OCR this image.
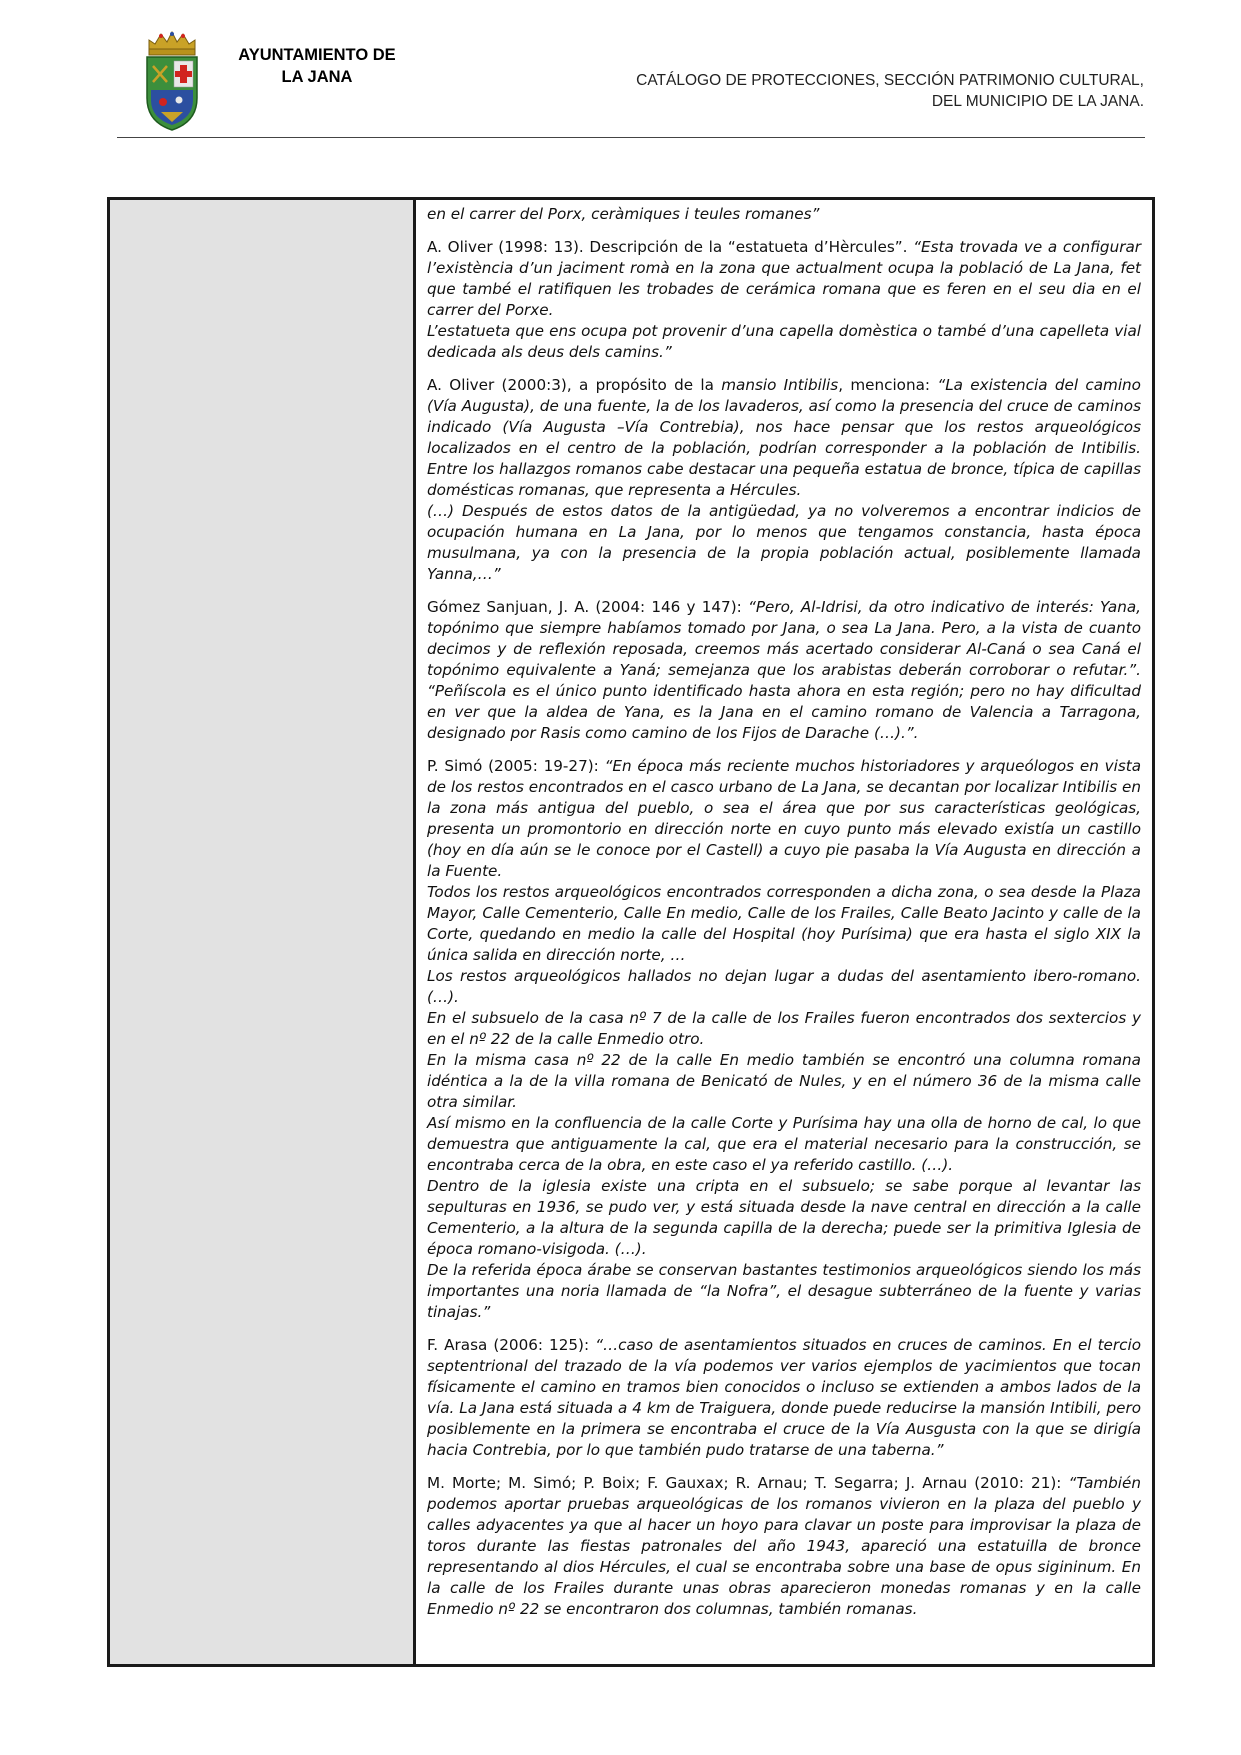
AYUNTAMIENTO DE
LA JANA	CATÁLOGO DE PROTECCIONES, SECCIÓN PATRIMONIO CULTURAL,
DEL MUNICIPIO DE LA JANA.

en el carrer del Porx, ceràmiques i teules romanes”

A. Oliver (1998: 13). Descripción de la “estatueta d’Hèrcules”. “Esta trovada ve a configurar l’existència d’un jaciment romà en la zona que actualment ocupa la població de La Jana, fet que també el ratifiquen les trobades de cerámica romana que es feren en el seu dia en el carrer del Porxe.
L’estatueta que ens ocupa pot provenir d’una capella domèstica o també d’una capelleta vial dedicada als deus dels camins.”

A. Oliver (2000:3), a propósito de la mansio Intibilis, menciona: “La existencia del camino (Vía Augusta), de una fuente, la de los lavaderos, así como la presencia del cruce de caminos indicado (Vía Augusta –Vía Contrebia), nos hace pensar que los restos arqueológicos localizados en el centro de la población, podrían corresponder a la población de Intibilis. Entre los hallazgos romanos cabe destacar una pequeña estatua de bronce, típica de capillas domésticas romanas, que representa a Hércules.
(…) Después de estos datos de la antigüedad, ya no volveremos a encontrar indicios de ocupación humana en La Jana, por lo menos que tengamos constancia, hasta época musulmana, ya con la presencia de la propia población actual, posiblemente llamada Yanna,…”

Gómez Sanjuan, J. A. (2004: 146 y 147): “Pero, Al-Idrisi, da otro indicativo de interés: Yana, topónimo que siempre habíamos tomado por Jana, o sea La Jana. Pero, a la vista de cuanto decimos y de reflexión reposada, creemos más acertado considerar Al-Caná o sea Caná el topónimo equivalente a Yaná; semejanza que los arabistas deberán corroborar o refutar.”. “Peñíscola es el único punto identificado hasta ahora en esta región; pero no hay dificultad en ver que la aldea de Yana, es la Jana en el camino romano de Valencia a Tarragona, designado por Rasis como camino de los Fijos de Darache (…).”.

P. Simó (2005: 19-27): “En época más reciente muchos historiadores y arqueólogos en vista de los restos encontrados en el casco urbano de La Jana, se decantan por localizar Intibilis en la zona más antigua del pueblo, o sea el área que por sus características geológicas, presenta un promontorio en dirección norte en cuyo punto más elevado existía un castillo (hoy en día aún se le conoce por el Castell) a cuyo pie pasaba la Vía Augusta en dirección a la Fuente.
Todos los restos arqueológicos encontrados corresponden a dicha zona, o sea desde la Plaza Mayor, Calle Cementerio, Calle En medio, Calle de los Frailes, Calle Beato Jacinto y calle de la Corte, quedando en medio la calle del Hospital (hoy Purísima) que era hasta el siglo XIX la única salida en dirección norte, …
Los restos arqueológicos hallados no dejan lugar a dudas del asentamiento ibero-romano. (…).
En el subsuelo de la casa nº 7 de la calle de los Frailes fueron encontrados dos sextercios y en el nº 22 de la calle Enmedio otro.
En la misma casa nº 22 de la calle En medio también se encontró una columna romana idéntica a la de la villa romana de Benicató de Nules, y en el número 36 de la misma calle otra similar.
Así mismo en la confluencia de la calle Corte y Purísima hay una olla de horno de cal, lo que demuestra que antiguamente la cal, que era el material necesario para la construcción, se encontraba cerca de la obra, en este caso el ya referido castillo. (…).
Dentro de la iglesia existe una cripta en el subsuelo; se sabe porque al levantar las sepulturas en 1936, se pudo ver, y está situada desde la nave central en dirección a la calle Cementerio, a la altura de la segunda capilla de la derecha; puede ser la primitiva Iglesia de época romano-visigoda. (…).
De la referida época árabe se conservan bastantes testimonios arqueológicos siendo los más importantes una noria llamada de “la Nofra”, el desague subterráneo de la fuente y varias tinajas.”

F. Arasa (2006: 125): “…caso de asentamientos situados en cruces de caminos. En el tercio septentrional del trazado de la vía podemos ver varios ejemplos de yacimientos que tocan físicamente el camino en tramos bien conocidos o incluso se extienden a ambos lados de la vía. La Jana está situada a 4 km de Traiguera, donde puede reducirse la mansión Intibili, pero posiblemente en la primera se encontraba el cruce de la Vía Ausgusta con la que se dirigía hacia Contrebia, por lo que también pudo tratarse de una taberna.”

M. Morte; M. Simó; P. Boix; F. Gauxax; R. Arnau; T. Segarra; J. Arnau (2010: 21): “También podemos aportar pruebas arqueológicas de los romanos vivieron en la plaza del pueblo y calles adyacentes ya que al hacer un hoyo para clavar un poste para improvisar la plaza de toros durante las fiestas patronales del año 1943, apareció una estatuilla de bronce representando al dios Hércules, el cual se encontraba sobre una base de opus sigininum. En la calle de los Frailes durante unas obras aparecieron monedas romanas y en la calle Enmedio nº 22 se encontraron dos columnas, también romanas.
